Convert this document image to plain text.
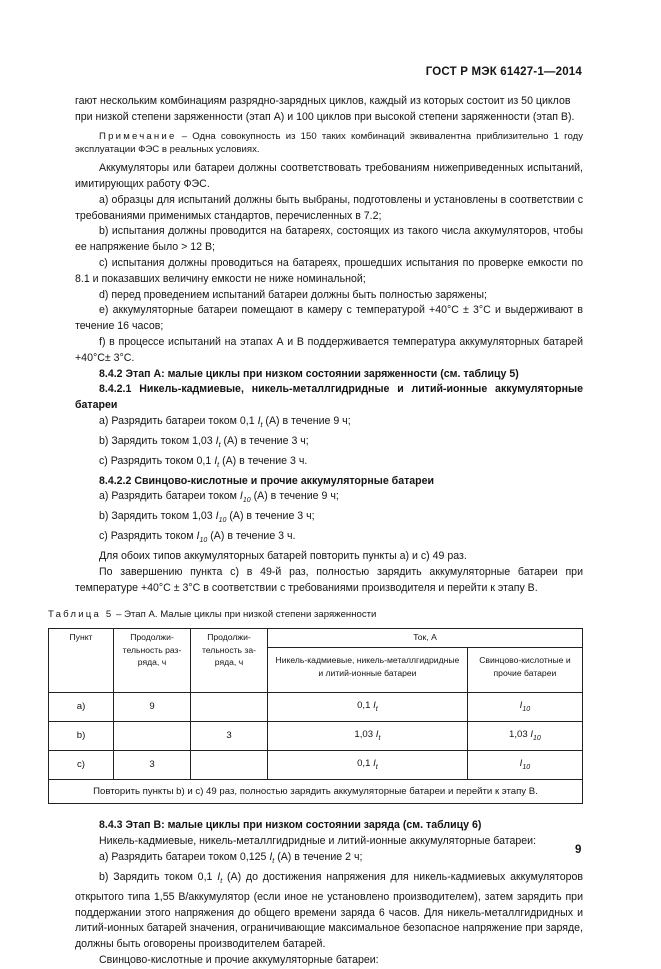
ГОСТ Р МЭК 61427-1—2014

гают нескольким комбинациям разрядно-зарядных циклов, каждый из которых состоит из 50 циклов

при низкой степени заряженности (этап А) и 100 циклов при высокой степени заряженности (этап В).

Примечание – Одна совокупность из 150 таких комбинаций эквивалентна приблизительно 1 году эксплуатации ФЭС в реальных условиях.

Аккумуляторы или батареи должны соответствовать требованиям нижеприведенных испытаний, имитирующих работу ФЭС.

a) образцы для испытаний должны быть выбраны, подготовлены и установлены в соответствии с требованиями применимых стандартов, перечисленных в 7.2;

b) испытания должны проводится на батареях, состоящих из такого числа аккумуляторов, чтобы ее напряжение было > 12 В;

c) испытания должны проводиться на батареях, прошедших испытания по проверке емкости по 8.1 и показавших величину емкости не ниже номинальной;

d) перед проведением испытаний батареи должны быть полностью заряжены;

e) аккумуляторные батареи помещают в камеру с температурой +40°С ± 3°С и выдерживают в течение 16 часов;

f) в процессе испытаний на этапах А и В поддерживается температура аккумуляторных батарей +40°С± 3°С.

8.4.2 Этап А: малые циклы при низком состоянии заряженности (см. таблицу 5)

8.4.2.1 Никель-кадмиевые, никель-металлгидридные и литий-ионные аккумуляторные батареи

a) Разрядить батареи током 0,1 $I_t$ (A) в течение 9 ч;

b) Зарядить током 1,03 $I_t$ (A) в течение 3 ч;

c) Разрядить током 0,1 $I_t$ (A) в течение 3 ч.

8.4.2.2 Свинцово-кислотные и прочие аккумуляторные батареи

a) Разрядить батареи током $I_{10}$ (A) в течение 9 ч;

b) Зарядить током 1,03 $I_{10}$ (A) в течение 3 ч;

c) Разрядить током $I_{10}$ (A) в течение 3 ч.

Для обоих типов аккумуляторных батарей повторить пункты a) и c) 49 раз.

По завершению пункта c) в 49-й раз, полностью зарядить аккумуляторные батареи при температуре +40°С ± 3°С в соответствии с требованиями производителя и перейти к этапу В.

Таблица 5 – Этап А. Малые циклы при низкой степени заряженности

Пункт	Продолжительность разряда, ч	Продолжительность заряда, ч	Ток, А	
			Никель-кадмиевые, никель-металлгидридные и литий-ионные батареи	Свинцово-кислотные и прочие батареи
a)	9		0,1 $I_t$	$I_{10}$
b)		3	1,03 $I_t$	1,03 $I_{10}$
c)	3		0,1 $I_t$	$I_{10}$
Повторить пункты b) и c) 49 раз, полностью зарядить аккумуляторные батареи и перейти к этапу В.				

8.4.3 Этап В: малые циклы при низком состоянии заряда (см. таблицу 6)

Никель-кадмиевые, никель-металлгидридные и литий-ионные аккумуляторные батареи:

a) Разрядить батареи током 0,125 $I_t$ (A) в течение 2 ч;

b) Зарядить током 0,1 $I_t$ (A) до достижения напряжения для никель-кадмиевых аккумуляторов открытого типа 1,55 В/аккумулятор (если иное не установлено производителем), затем зарядить при поддержании этого напряжения до общего времени заряда 6 часов. Для никель-металлгидридных и литий-ионных батарей значения, ограничивающие максимальное безопасное напряжение при заряде, должны быть оговорены производителем батарей.

Свинцово-кислотные и прочие аккумуляторные батареи:

9
